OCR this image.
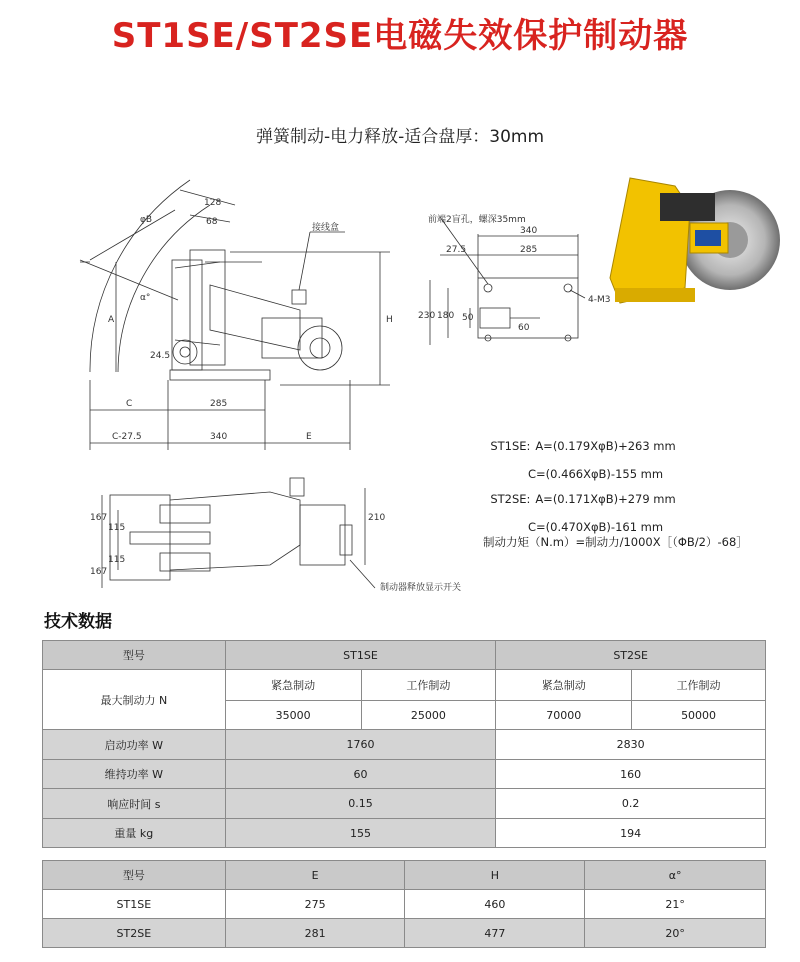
ST1SE/ST2SE电磁失效保护制动器
弹簧制动-电力释放-适合盘厚：30mm
φB
128
68
α°
A
24.5
接线盒
H
C	285
C-27.5	340	E
前端2盲孔，螺深35mm
340
27.5	285
4-M3
230 180 50
60
167
115
115
167
210
制动器释放显示开关

ST1SE: A=(0.179XφB)+263 mm

C=(0.466XφB)-155 mm

ST2SE: A=(0.171XφB)+279 mm

C=(0.470XφB)-161 mm

制动力矩（N.m）=制动力/1000X［（ΦB/2）-68］
技术数据
型号	ST1SE		ST2SE	
最大制动力 N	紧急制动	工作制动	紧急制动	工作制动
	35000	25000	70000	50000
启动功率 W	1760		2830	
维持功率 W	60		160	
响应时间 s	0.15		0.2	
重量 kg	155		194	
型号	E	H	α°
ST1SE	275	460	21°
ST2SE	281	477	20°
